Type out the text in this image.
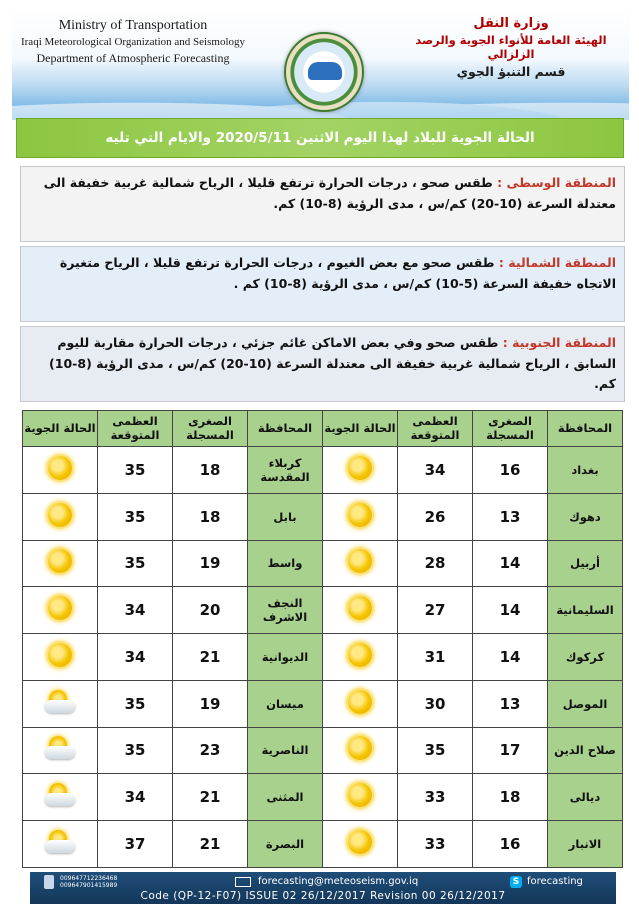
Ministry of Transportation
Iraqi Meteorological Organization and Seismology
Department of Atmospheric Forecasting
وزارة النقل
الهيئة العامة للأنواء الجوية والرصد الزلزالي
قسم التنبؤ الجوي
الحالة الجوية للبلاد لهذا اليوم الاثنين 2020/5/11 والايام التي تليه
المنطقة الوسطى : طقس صحو ، درجات الحرارة ترتفع قليلا ، الرياح شمالية غربية خفيفة الى معتدلة السرعة (10-20) كم/س ، مدى الرؤية (8-10) كم.
المنطقة الشمالية : طقس صحو مع بعض الغيوم ، درجات الحرارة ترتفع قليلا ، الرياح متغيرة الاتجاه خفيفة السرعة (5-10) كم/س ، مدى الرؤية (8-10) كم .
المنطقة الجنوبية : طقس صحو وفي بعض الاماكن غائم جزئي ، درجات الحرارة مقاربة لليوم السابق ، الرياح شمالية غربية خفيفة الى معتدلة السرعة (10-20) كم/س ، مدى الرؤية (8-10) كم.
المحافظة	الصغرى المسجلة	العظمى المتوقعة	الحالة الجوية	المحافظة	الصغرى المسجلة	العظمى المتوقعة	الحالة الجوية
بغداد	16	34		كربلاء المقدسة	18	35	
دهوك	13	26		بابل	18	35	
أربيل	14	28		واسط	19	35	
السليمانية	14	27		النجف الاشرف	20	34	
كركوك	14	31		الديوانية	21	34	
الموصل	13	30		ميسان	19	35	

صلاح الدين	17	35		الناصرية	23	35	

ديالى	18	33		المثنى	21	34	

الانبار	16	33		البصرة	21	37	
009647712236468
009647901415989	forecasting@meteoseism.gov.iq	S forecasting
Code (QP-12-F07) ISSUE 02 26/12/2017 Revision 00 26/12/2017
